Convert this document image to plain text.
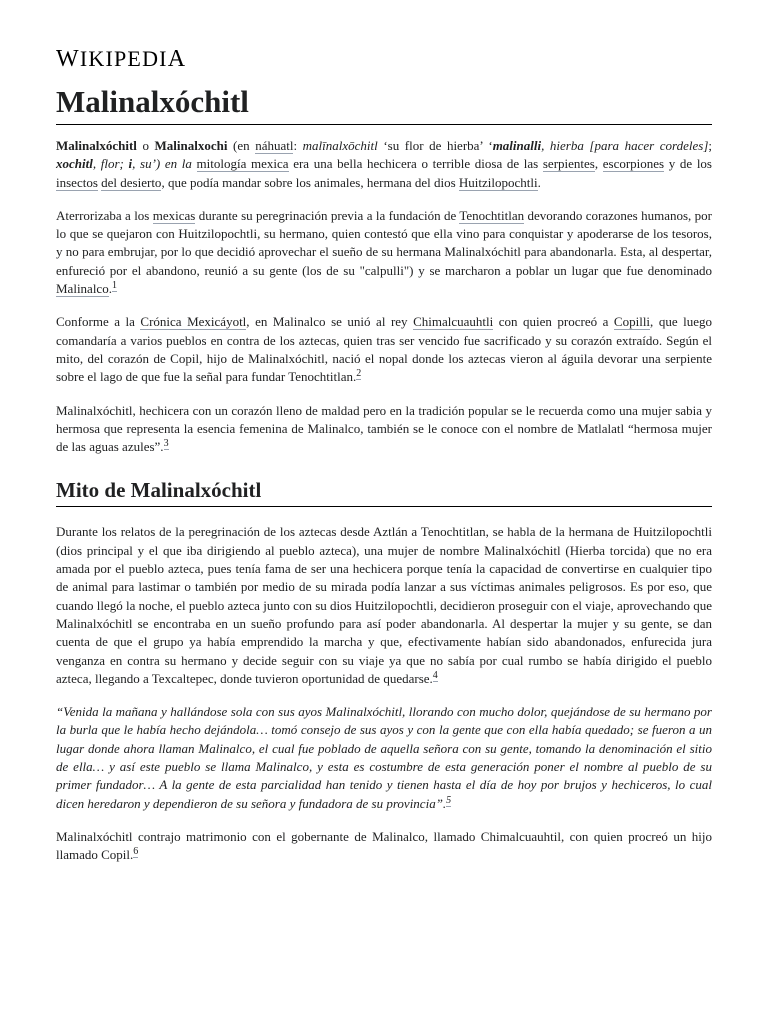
WIKIPEDIA
Malinalxóchitl

Malinalxóchitl o Malinalxochi (en náhuatl: malīnalxōchitl ‘su flor de hierba’ ‘malinalli, hierba [para hacer cordeles]; xochitl, flor; i, su’) en la mitología mexica era una bella hechicera o terrible diosa de las serpientes, escorpiones y de los insectos del desierto, que podía mandar sobre los animales, hermana del dios Huitzilopochtli.

Aterrorizaba a los mexicas durante su peregrinación previa a la fundación de Tenochtitlan devorando corazones humanos, por lo que se quejaron con Huitzilopochtli, su hermano, quien contestó que ella vino para conquistar y apoderarse de los tesoros, y no para embrujar, por lo que decidió aprovechar el sueño de su hermana Malinalxóchitl para abandonarla. Esta, al despertar, enfureció por el abandono, reunió a su gente (los de su "calpulli") y se marcharon a poblar un lugar que fue denominado Malinalco.$^1$

Conforme a la Crónica Mexicáyotl, en Malinalco se unió al rey Chimalcuauhtli con quien procreó a Copilli, que luego comandaría a varios pueblos en contra de los aztecas, quien tras ser vencido fue sacrificado y su corazón extraído. Según el mito, del corazón de Copil, hijo de Malinalxóchitl, nació el nopal donde los aztecas vieron al águila devorar una serpiente sobre el lago de que fue la señal para fundar Tenochtitlan.$^2$

Malinalxóchitl, hechicera con un corazón lleno de maldad pero en la tradición popular se le recuerda como una mujer sabia y hermosa que representa la esencia femenina de Malinalco, también se le conoce con el nombre de Matlalatl “hermosa mujer de las aguas azules”.$^3$

Mito de Malinalxóchitl

Durante los relatos de la peregrinación de los aztecas desde Aztlán a Tenochtitlan, se habla de la hermana de Huitzilopochtli (dios principal y el que iba dirigiendo al pueblo azteca), una mujer de nombre Malinalxóchitl (Hierba torcida) que no era amada por el pueblo azteca, pues tenía fama de ser una hechicera porque tenía la capacidad de convertirse en cualquier tipo de animal para lastimar o también por medio de su mirada podía lanzar a sus víctimas animales peligrosos. Es por eso, que cuando llegó la noche, el pueblo azteca junto con su dios Huitzilopochtli, decidieron proseguir con el viaje, aprovechando que Malinalxóchitl se encontraba en un sueño profundo para así poder abandonarla. Al despertar la mujer y su gente, se dan cuenta de que el grupo ya había emprendido la marcha y que, efectivamente habían sido abandonados, enfurecida jura venganza en contra su hermano y decide seguir con su viaje ya que no sabía por cual rumbo se había dirigido el pueblo azteca, llegando a Texcaltepec, donde tuvieron oportunidad de quedarse.$^4$

“Venida la mañana y hallándose sola con sus ayos Malinalxóchitl, llorando con mucho dolor, quejándose de su hermano por la burla que le había hecho dejándola… tomó consejo de sus ayos y con la gente que con ella había quedado; se fueron a un lugar donde ahora llaman Malinalco, el cual fue poblado de aquella señora con su gente, tomando la denominación el sitio de ella… y así este pueblo se llama Malinalco, y esta es costumbre de esta generación poner el nombre al pueblo de su primer fundador… A la gente de esta parcialidad han tenido y tienen hasta el día de hoy por brujos y hechiceros, lo cual dicen heredaron y dependieron de su señora y fundadora de su provincia”.$^5$

Malinalxóchitl contrajo matrimonio con el gobernante de Malinalco, llamado Chimalcuauhtil, con quien procreó un hijo llamado Copil.$^6$
